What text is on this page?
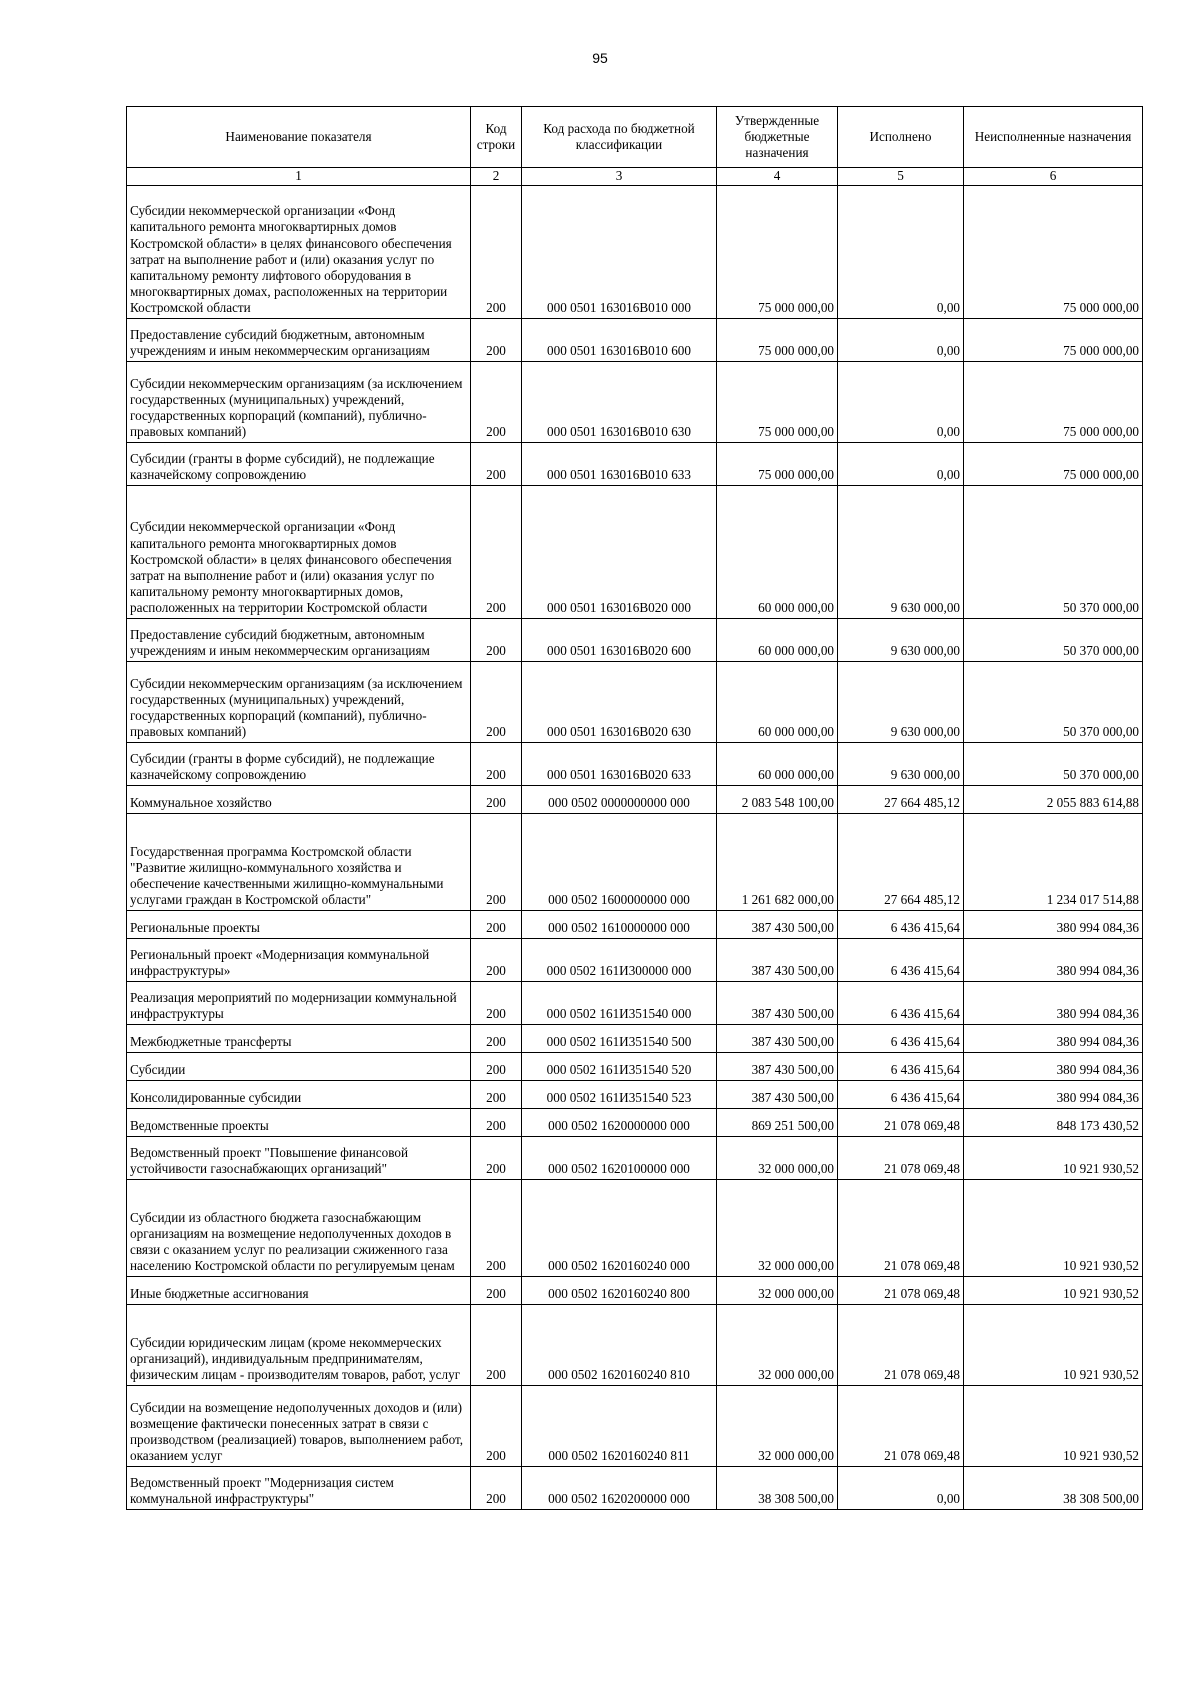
95
Наименование показателя	Код строки	Код расхода по бюджетной классификации	Утвержденные бюджетные назначения	Исполнено	Неисполненные назначения
1	2	3	4	5	6
Субсидии некоммерческой организации «Фонд капитального ремонта многоквартирных домов Костромской области» в целях финансового обеспечения затрат на выполнение работ и (или) оказания услуг по капитальному ремонту лифтового оборудования в многоквартирных домах, расположенных на территории Костромской области	200	000 0501 163016В010 000	75 000 000,00	0,00	75 000 000,00
Предоставление субсидий бюджетным, автономным учреждениям и иным некоммерческим организациям	200	000 0501 163016В010 600	75 000 000,00	0,00	75 000 000,00
Субсидии некоммерческим организациям (за исключением государственных (муниципальных) учреждений, государственных корпораций (компаний), публично-правовых компаний)	200	000 0501 163016В010 630	75 000 000,00	0,00	75 000 000,00
Субсидии (гранты в форме субсидий), не подлежащие казначейскому сопровождению	200	000 0501 163016В010 633	75 000 000,00	0,00	75 000 000,00
Субсидии некоммерческой организации «Фонд капитального ремонта многоквартирных домов Костромской области» в целях финансового обеспечения затрат на выполнение работ и (или) оказания услуг по капитальному ремонту многоквартирных домов, расположенных на территории Костромской области	200	000 0501 163016В020 000	60 000 000,00	9 630 000,00	50 370 000,00
Предоставление субсидий бюджетным, автономным учреждениям и иным некоммерческим организациям	200	000 0501 163016В020 600	60 000 000,00	9 630 000,00	50 370 000,00
Субсидии некоммерческим организациям (за исключением государственных (муниципальных) учреждений, государственных корпораций (компаний), публично-правовых компаний)	200	000 0501 163016В020 630	60 000 000,00	9 630 000,00	50 370 000,00
Субсидии (гранты в форме субсидий), не подлежащие казначейскому сопровождению	200	000 0501 163016В020 633	60 000 000,00	9 630 000,00	50 370 000,00
Коммунальное хозяйство	200	000 0502 0000000000 000	2 083 548 100,00	27 664 485,12	2 055 883 614,88
Государственная программа Костромской области "Развитие жилищно-коммунального хозяйства и обеспечение качественными жилищно-коммунальными услугами граждан в Костромской области"	200	000 0502 1600000000 000	1 261 682 000,00	27 664 485,12	1 234 017 514,88
Региональные проекты	200	000 0502 1610000000 000	387 430 500,00	6 436 415,64	380 994 084,36
Региональный проект «Модернизация коммунальной инфраструктуры»	200	000 0502 161И300000 000	387 430 500,00	6 436 415,64	380 994 084,36
Реализация мероприятий по модернизации коммунальной инфраструктуры	200	000 0502 161И351540 000	387 430 500,00	6 436 415,64	380 994 084,36
Межбюджетные трансферты	200	000 0502 161И351540 500	387 430 500,00	6 436 415,64	380 994 084,36
Субсидии	200	000 0502 161И351540 520	387 430 500,00	6 436 415,64	380 994 084,36
Консолидированные субсидии	200	000 0502 161И351540 523	387 430 500,00	6 436 415,64	380 994 084,36
Ведомственные проекты	200	000 0502 1620000000 000	869 251 500,00	21 078 069,48	848 173 430,52
Ведомственный проект "Повышение финансовой устойчивости газоснабжающих организаций"	200	000 0502 1620100000 000	32 000 000,00	21 078 069,48	10 921 930,52
Субсидии из областного бюджета газоснабжающим организациям на возмещение недополученных доходов в связи с оказанием услуг по реализации сжиженного газа населению Костромской области по регулируемым ценам	200	000 0502 1620160240 000	32 000 000,00	21 078 069,48	10 921 930,52
Иные бюджетные ассигнования	200	000 0502 1620160240 800	32 000 000,00	21 078 069,48	10 921 930,52
Субсидии юридическим лицам (кроме некоммерческих организаций), индивидуальным предпринимателям, физическим лицам - производителям товаров, работ, услуг	200	000 0502 1620160240 810	32 000 000,00	21 078 069,48	10 921 930,52
Субсидии на возмещение недополученных доходов и (или) возмещение фактически понесенных затрат в связи с производством (реализацией) товаров, выполнением работ, оказанием услуг	200	000 0502 1620160240 811	32 000 000,00	21 078 069,48	10 921 930,52
Ведомственный проект "Модернизация систем коммунальной инфраструктуры"	200	000 0502 1620200000 000	38 308 500,00	0,00	38 308 500,00
